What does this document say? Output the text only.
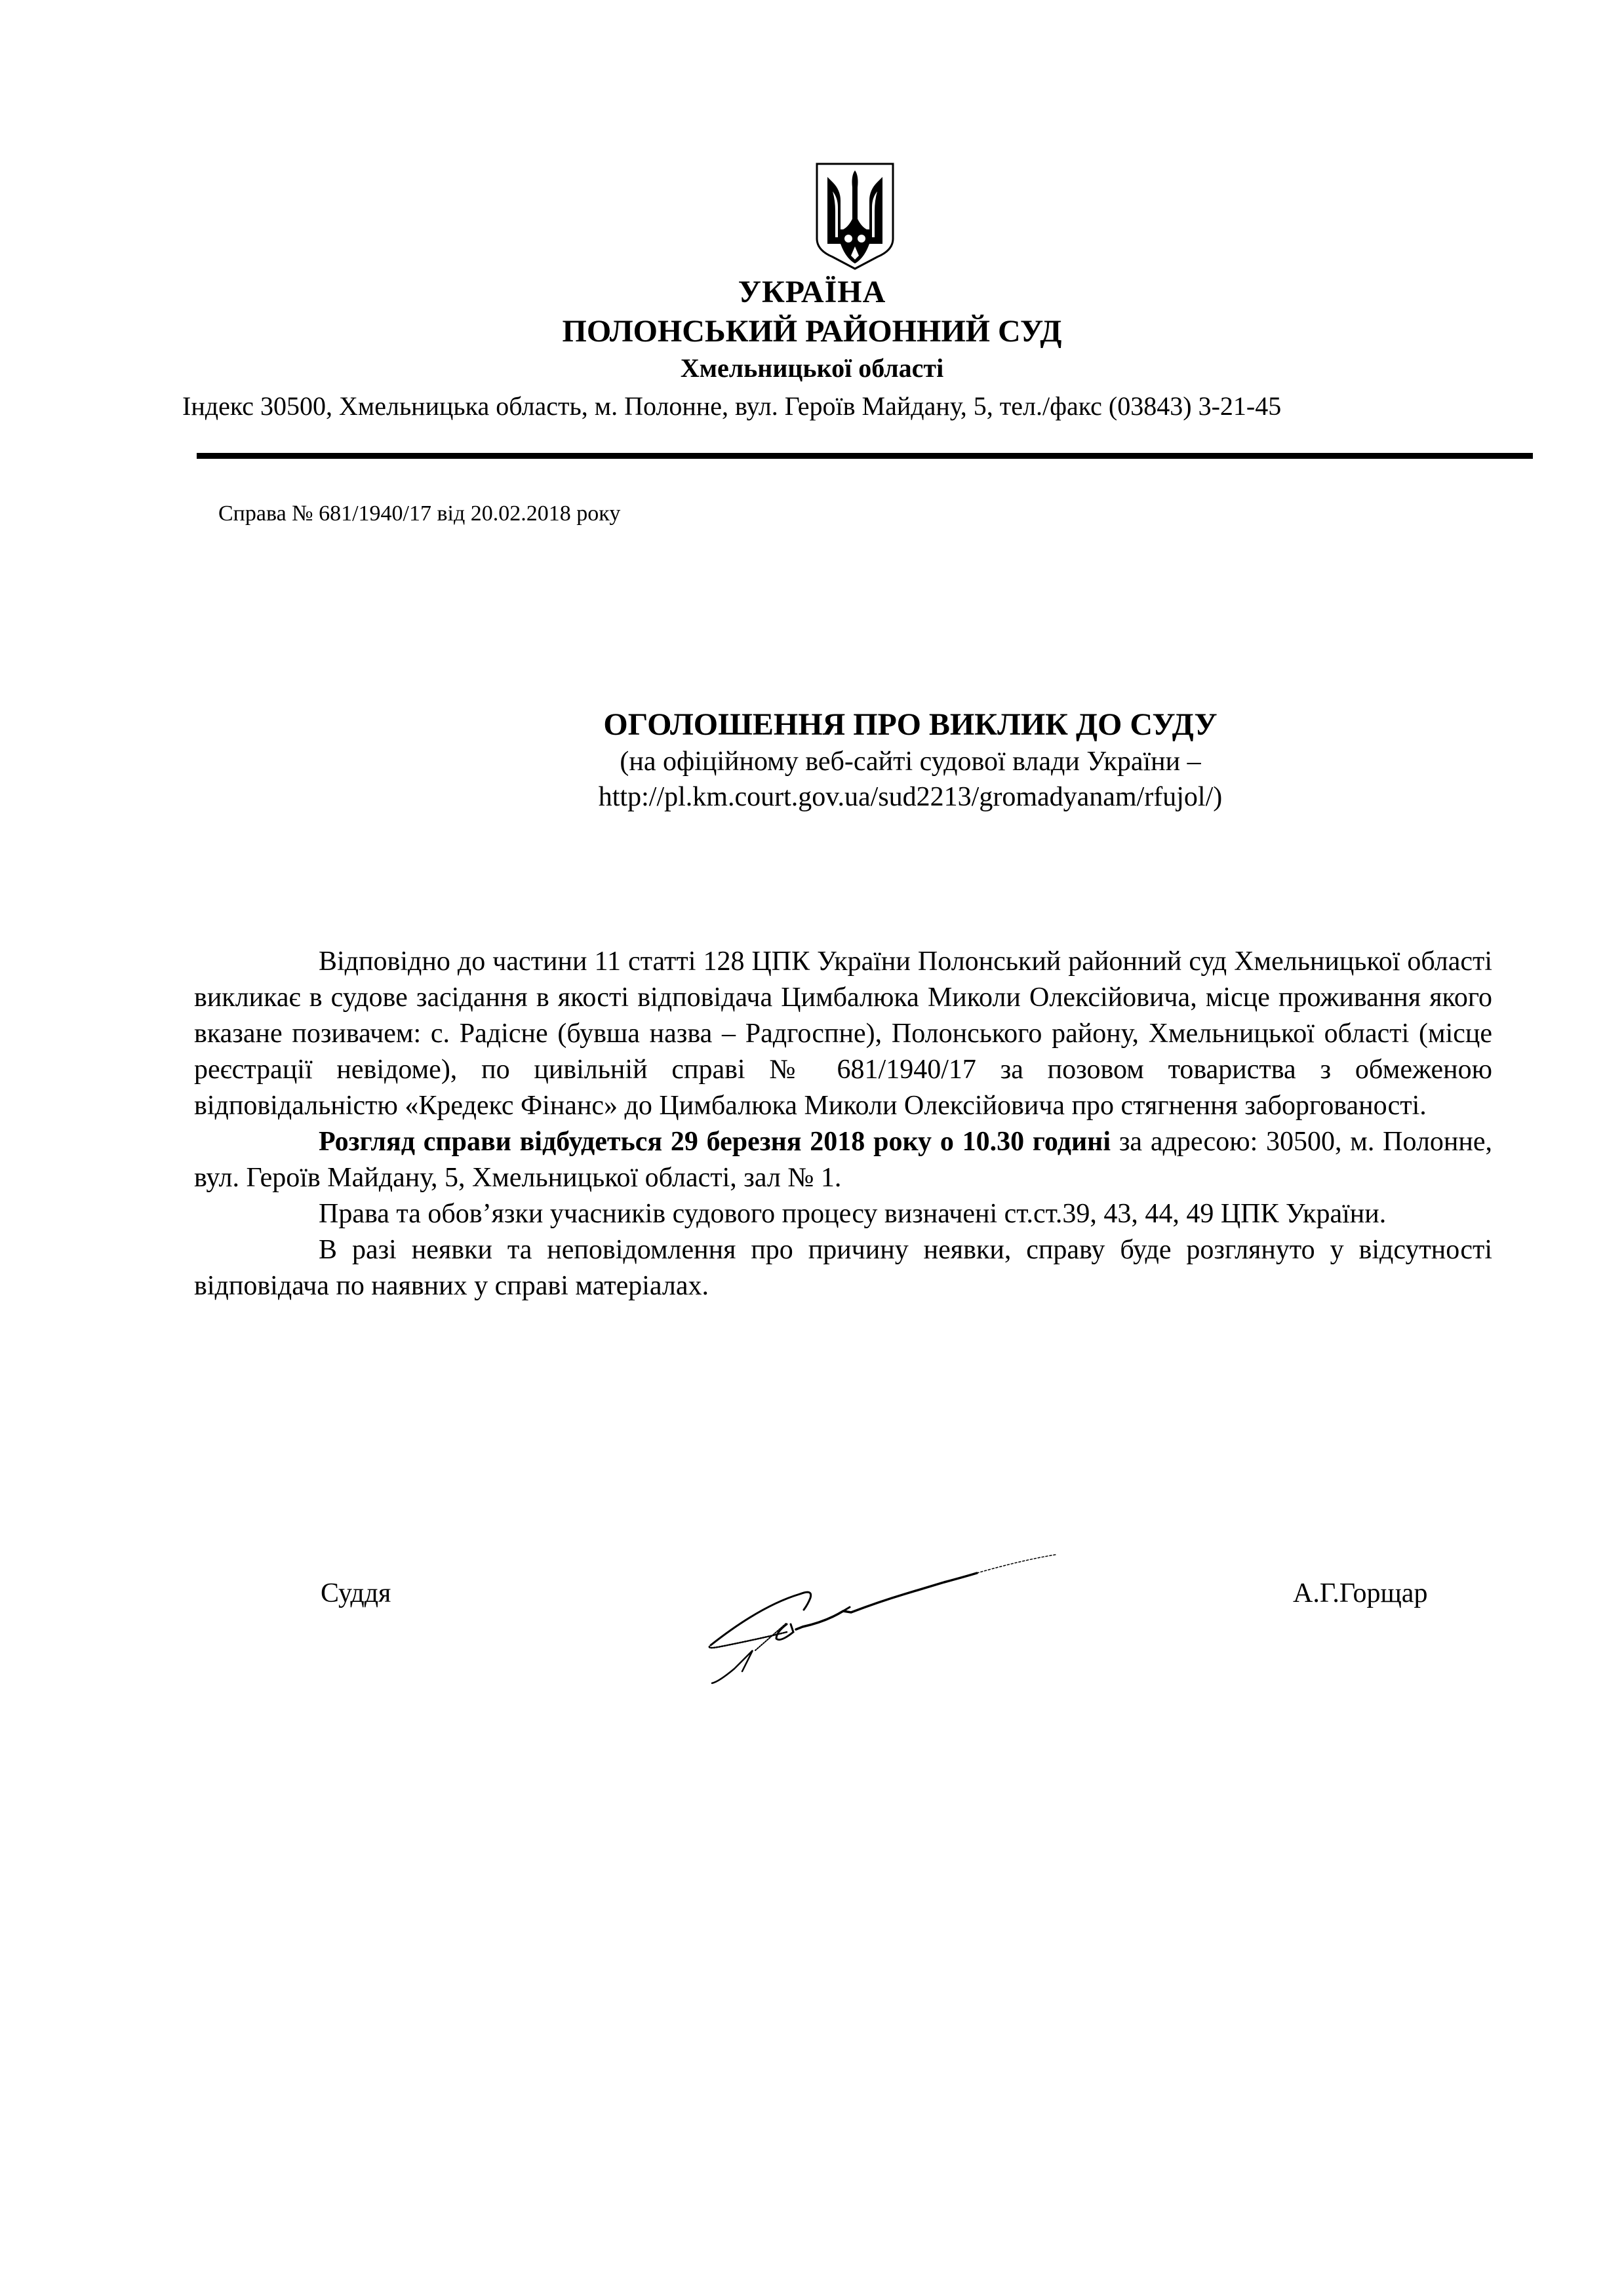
УКРАЇНА
ПОЛОНСЬКИЙ РАЙОННИЙ СУД
Хмельницької області
Індекс 30500, Хмельницька область, м. Полонне, вул. Героїв Майдану, 5, тел./факс (03843) 3-21-45
Справа № 681/1940/17 від 20.02.2018 року
ОГОЛОШЕННЯ ПРО ВИКЛИК ДО СУДУ
(на офіційному веб-сайті судової влади України –
http://pl.km.court.gov.ua/sud2213/gromadyanam/rfujol/)

Відповідно до частини 11 статті 128 ЦПК України Полонський районний суд Хмельницької області викликає в судове засідання в якості відповідача Цимбалюка Миколи Олексійовича, місце проживання якого вказане позивачем: с. Радісне (бувша назва – Радгоспне), Полонського району, Хмельницької області (місце реєстрації невідоме), по цивільній справі № 681/1940/17 за позовом товариства з обмеженою відповідальністю «Кредекс Фінанс» до Цимбалюка Миколи Олексійовича про стягнення заборгованості.

Розгляд справи відбудеться 29 березня 2018 року о 10.30 годині за адресою: 30500, м. Полонне, вул. Героїв Майдану, 5, Хмельницької області, зал № 1.

Права та обов’язки учасників судового процесу визначені ст.ст.39, 43, 44, 49 ЦПК України.

В разі неявки та неповідомлення про причину неявки, справу буде розглянуто у відсутності відповідача по наявних у справі матеріалах.

Суддя	А.Г.Горщар
